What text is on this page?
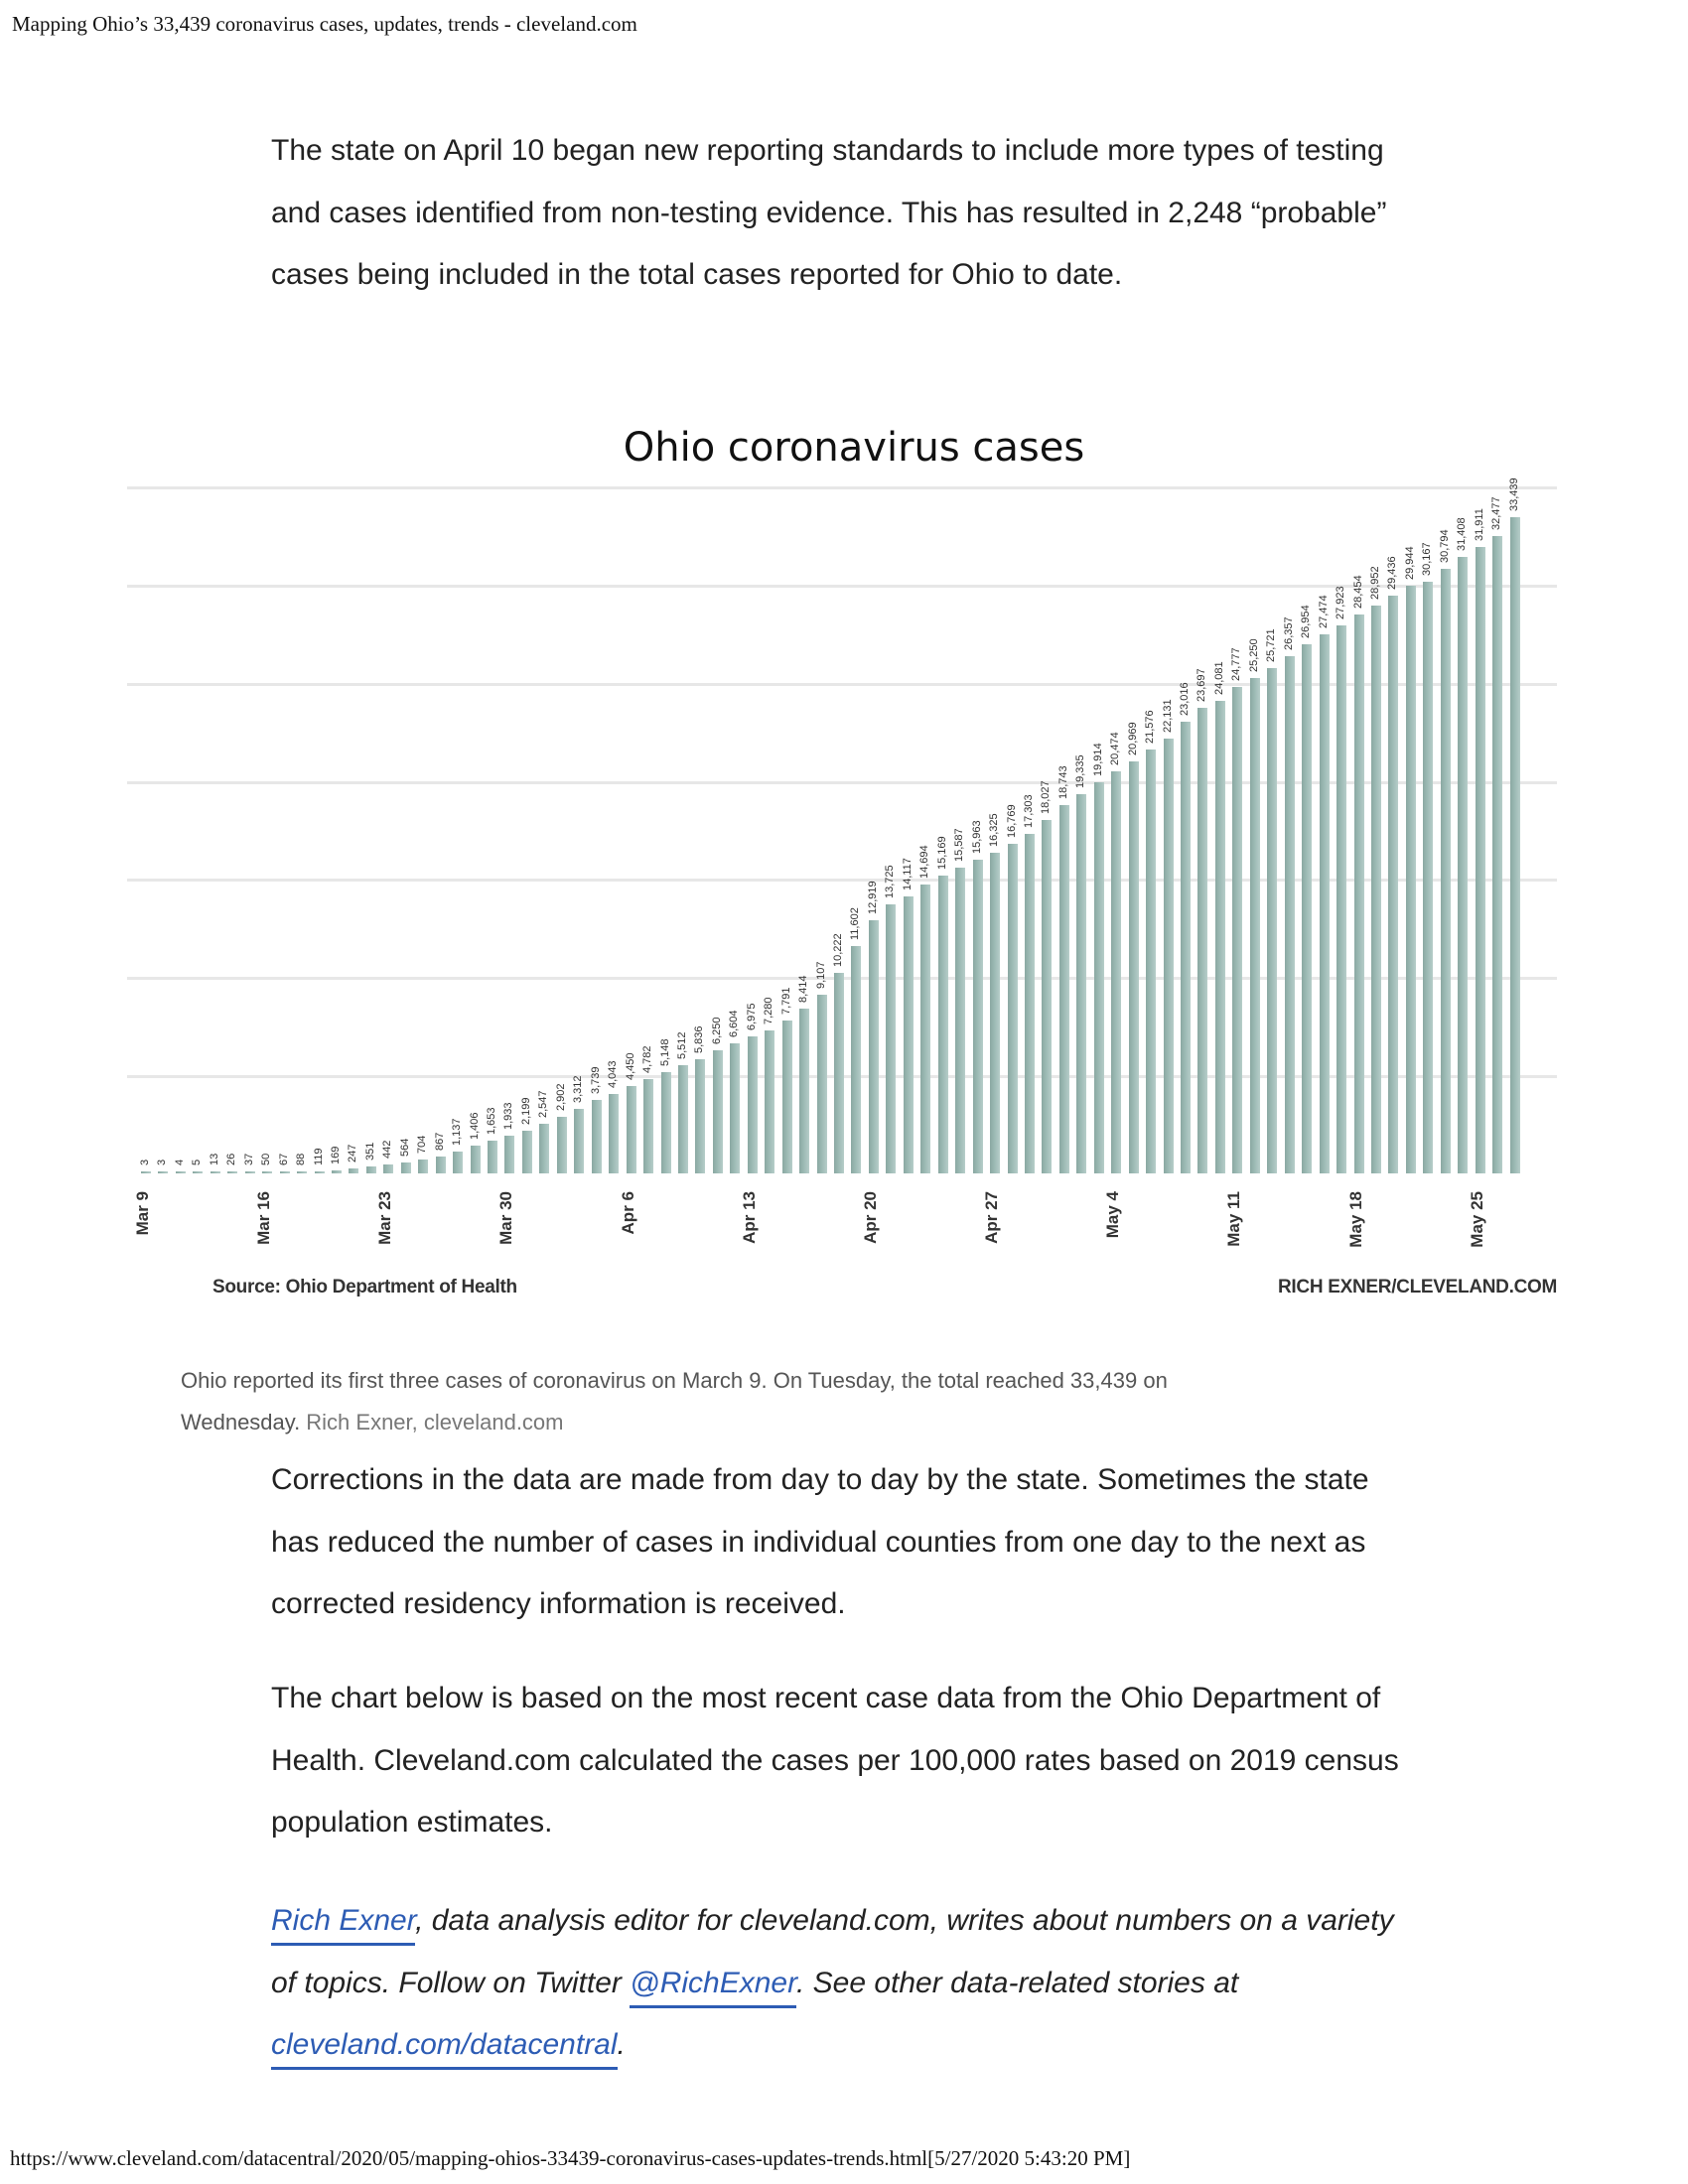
Mapping Ohio’s 33,439 coronavirus cases, updates, trends - cleveland.com

The state on April 10 began new reporting standards to include more types of testing and cases identified from non-testing evidence. This has resulted in 2,248 “probable” cases being included in the total cases reported for Ohio to date.

Ohio coronavirus cases
3 3 4 5 13 26 37 50 67 88 119 169 247 351 442 564 704 867 1,137 1,406 1,653 1,933 2,199 2,547 2,902 3,312 3,739 4,043 4,450 4,782 5,148 5,512 5,836 6,250 6,604 6,975 7,280 7,791 8,414 9,107
10,222
11,602
12,919 13,725 14,117 14,694 15,169 15,587 15,963 16,325 16,769 17,303 18,027 18,743 19,335 19,914 20,474 20,969 21,576 22,131
23,016 23,697 24,081 24,777 25,250 25,721 26,357 26,954 27,474 27,923 28,454 28,952 29,436 29,944 30,167 30,794 31,408 31,911 32,477
33,439
Mar 9	Mar 16	Mar 23	Mar 30	Apr 6	Apr 13	Apr 20	Apr 27	May 4	May 11	May 18	May 25
Source: Ohio Department of Health	RICH EXNER/CLEVELAND.COM

Ohio reported its first three cases of coronavirus on March 9. On Tuesday, the total reached 33,439 on Wednesday. Rich Exner, cleveland.com

Corrections in the data are made from day to day by the state. Sometimes the state has reduced the number of cases in individual counties from one day to the next as corrected residency information is received.

The chart below is based on the most recent case data from the Ohio Department of Health. Cleveland.com calculated the cases per 100,000 rates based on 2019 census population estimates.

Rich Exner, data analysis editor for cleveland.com, writes about numbers on a variety of topics. Follow on Twitter @RichExner. See other data-related stories at cleveland.com/datacentral.

https://www.cleveland.com/datacentral/2020/05/mapping-ohios-33439-coronavirus-cases-updates-trends.html[5/27/2020 5:43:20 PM]
